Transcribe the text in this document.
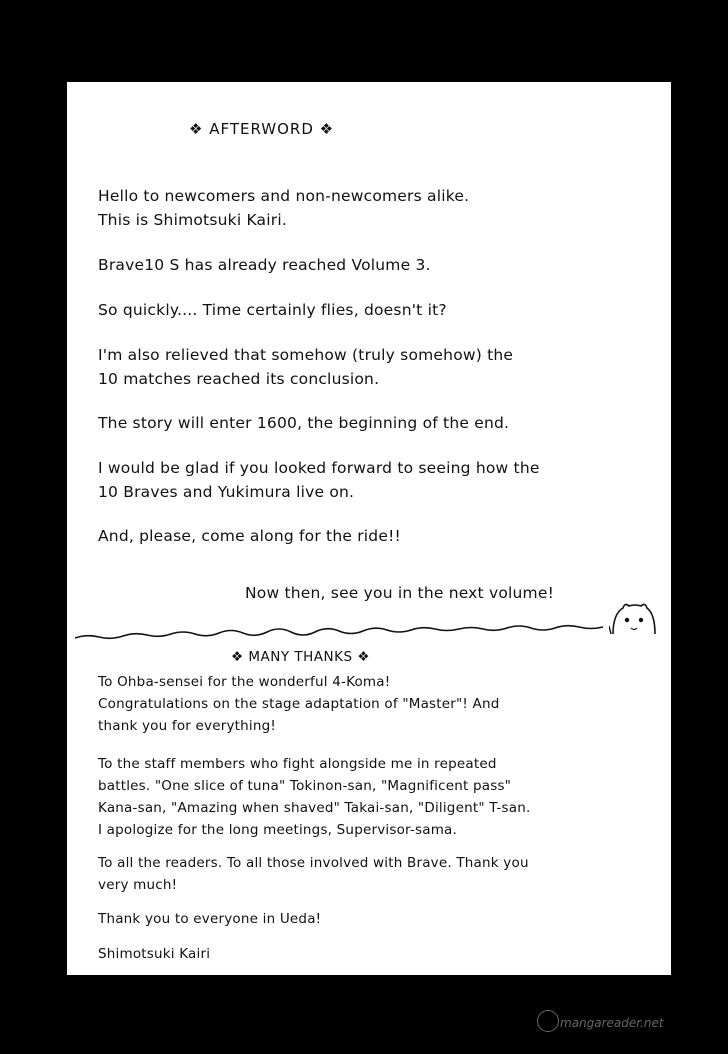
❖ AFTERWORD ❖
Hello to newcomers and non-newcomers alike.
This is Shimotsuki Kairi.
Brave10 S has already reached Volume 3.
So quickly.... Time certainly flies, doesn't it?
I'm also relieved that somehow (truly somehow) the
10 matches reached its conclusion.
The story will enter 1600, the beginning of the end.
I would be glad if you looked forward to seeing how the
10 Braves and Yukimura live on.
And, please, come along for the ride!!
Now then, see you in the next volume!
❖ MANY THANKS ❖
To Ohba-sensei for the wonderful 4-Koma!
Congratulations on the stage adaptation of "Master"! And
thank you for everything!
To the staff members who fight alongside me in repeated
battles. "One slice of tuna" Tokinon-san, "Magnificent pass"
Kana-san, "Amazing when shaved" Takai-san, "Diligent" T-san.
I apologize for the long meetings, Supervisor-sama.
To all the readers. To all those involved with Brave. Thank you
very much!
Thank you to everyone in Ueda!
Shimotsuki Kairi
mangareader.net
